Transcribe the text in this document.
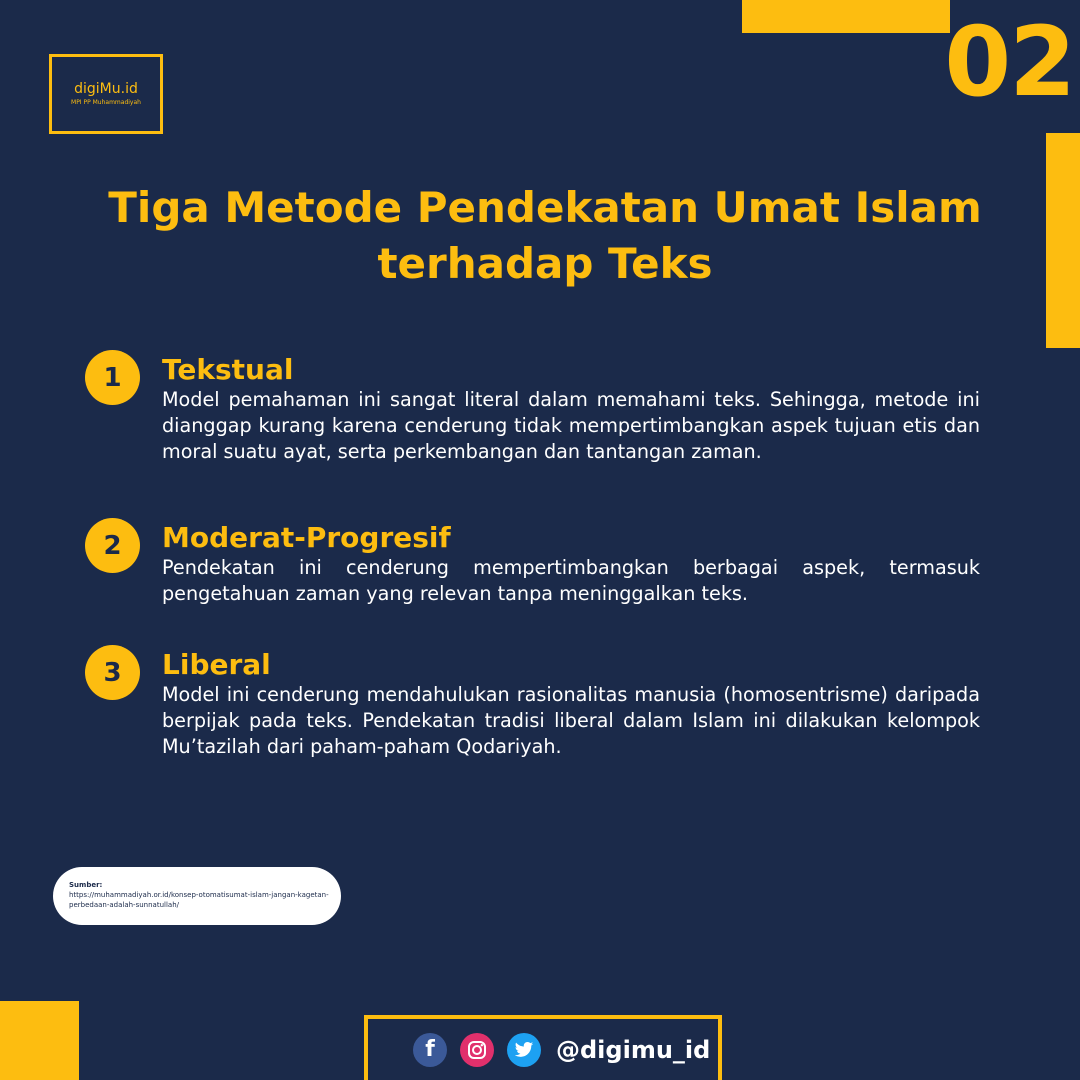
02
digiMu.id
MPI PP Muhammadiyah
Tiga Metode Pendekatan Umat Islam terhadap Teks
1	Tekstual

Model pemahaman ini sangat literal dalam memahami teks. Sehingga, metode ini dianggap kurang karena cenderung tidak mempertimbangkan aspek tujuan etis dan moral suatu ayat, serta perkembangan dan tantangan zaman.

2	Moderat-Progresif

Pendekatan ini cenderung mempertimbangkan berbagai aspek, termasuk pengetahuan zaman yang relevan tanpa meninggalkan teks.

3	Liberal

Model ini cenderung mendahulukan rasionalitas manusia (homosentrisme) daripada berpijak pada teks. Pendekatan tradisi liberal dalam Islam ini dilakukan kelompok Mu’tazilah dari paham-paham Qodariyah.

Sumber:
https://muhammadiyah.or.id/konsep-otomatisumat-islam-jangan-kagetan-perbedaan-adalah-sunnatullah/
f	@digimu_id
